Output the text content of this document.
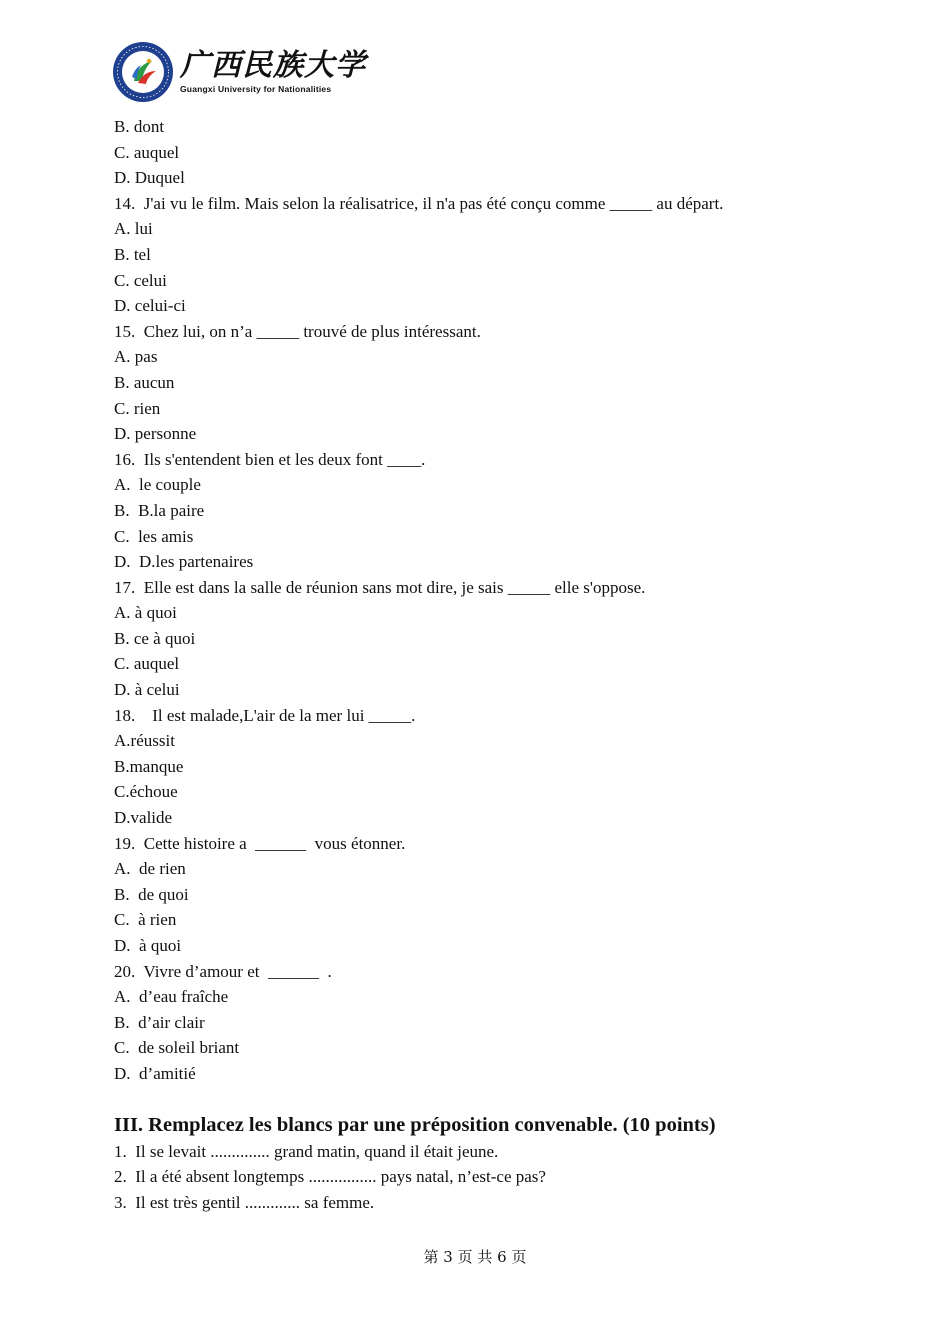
广西民族大学
Guangxi University for Nationalities
B. dont
C. auquel
D. Duquel
14.  J'ai vu le film. Mais selon la réalisatrice, il n'a pas été conçu comme _____ au départ.
A. lui
B. tel
C. celui
D. celui-ci
15.  Chez lui, on n’a _____ trouvé de plus intéressant.
A. pas
B. aucun
C. rien
D. personne
16.  Ils s'entendent bien et les deux font ____.
A.  le couple
B.  B.la paire
C.  les amis
D.  D.les partenaires
17.  Elle est dans la salle de réunion sans mot dire, je sais _____ elle s'oppose.
A. à quoi
B. ce à quoi
C. auquel
D. à celui
18.    Il est malade,L'air de la mer lui _____.
A.réussit
B.manque
C.échoue
D.valide
19.  Cette histoire a  ______  vous étonner.
A.  de rien
B.  de quoi
C.  à rien
D.  à quoi
20.  Vivre d’amour et  ______  .
A.  d’eau fraîche
B.  d’air clair
C.  de soleil briant
D.  d’amitié
III. Remplacez les blancs par une préposition convenable. (10 points)
1.  Il se levait .............. grand matin, quand il était jeune.
2.  Il a été absent longtemps ................ pays natal, n’est-ce pas?
3.  Il est très gentil ............. sa femme.
第 3 页 共 6 页
